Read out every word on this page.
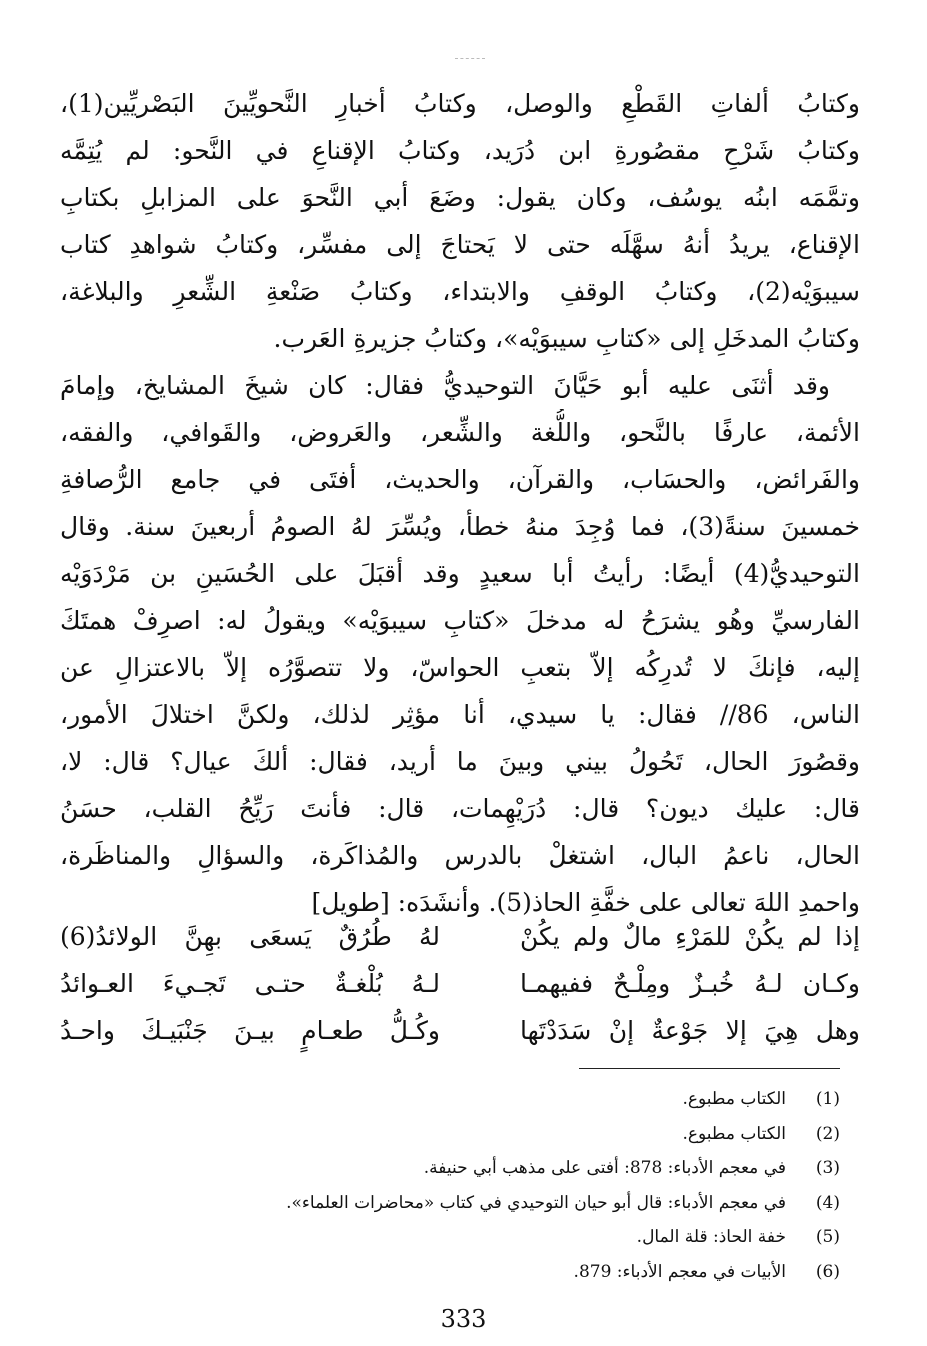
وكتابُ ألفاتِ القَطْعِ والوصل، وكتابُ أخبارِ النَّحويِّينَ البَصْريِّين(1)،
وكتابُ شَرْحِ مقصُورةِ ابن دُرَيد، وكتابُ الإقناعِ في النَّحو: لم يُتِمَّه
وتمَّمَه ابنُه يوسُف، وكان يقول: وضَعَ أبي النَّحوَ على المزابلِ بكتابِ
الإقناع، يريدُ أنهُ سهَّلَه حتى لا يَحتاجَ إلى مفسِّر، وكتابُ شواهدِ كتاب
سيبوَيْه(2)، وكتابُ الوقفِ والابتداء، وكتابُ صَنْعةِ الشِّعرِ والبلاغة،
وكتابُ المدخَلِ إلى «كتابِ سيبوَيْه»، وكتابُ جزيرةِ العَرب.
وقد أثنَى عليه أبو حَيَّانَ التوحيديُّ فقال: كان شيخَ المشايخ، وإمامَ
الأئمة، عارفًا بالنَّحو، واللُّغة والشِّعر، والعَروض، والقَوافي، والفقه،
والفَرائض، والحسَاب، والقرآن، والحديث، أفتَى في جامع الرُّصافةِ
خمسينَ سنةً(3)، فما وُجِدَ منهُ خطأ، ويُسِّرَ لهُ الصومُ أربعينَ سنة. وقال
التوحيديُّ(4) أيضًا: رأيتُ أبا سعيدٍ وقد أقبَلَ على الحُسَينِ بن مَرْدَوَيْه
الفارسيِّ وهُو يشرَحُ له مدخلَ «كتابِ سيبوَيْه» ويقولُ له: اصرِفْ همتَكَ
إليه، فإنكَ لا تُدرِكُه إلاّ بتعبِ الحواسّ، ولا تتصوَّرُه إلاّ بالاعتزالِ عن
الناس، 86// فقال: يا سيدي، أنا مؤثِر لذلك، ولكنَّ اختلالَ الأمور،
وقصُورَ الحال، تَحُولُ بيني وبينَ ما أريد، فقال: ألكَ عيال؟ قال: لا،
قال: عليك ديون؟ قال: دُرَيْهِمات، قال: فأنتَ رَيِّحُ القلب، حسَنُ
الحال، ناعمُ البال، اشتغلْ بالدرس والمُذاكَرة، والسؤالِ والمناظَرة،
واحمدِ اللهَ تعالى على خفَّةِ الحاذ(5). وأنشَدَه: [طويل]
إذا لم يكُنْ للمَرْءِ مالٌ ولم يكُنْ
لهُ طُرُقٌ يَسعَى بهِنَّ الولائدُ(6)
وكـان لـهُ خُبـزٌ ومِلْـحٌ ففيهمـا
لـهُ بُلْغـةٌ حتـى تَجـيءَ العـوائدُ
وهل هِيَ إلا جَوْعةٌ إنْ سَدَدْتَها
وكُـلُّ طعـامٍ بيـنَ جَنْبَيـكَ واحـدُ
(1)
الكتاب مطبوع.
(2)
الكتاب مطبوع.
(3)
في معجم الأدباء: 878: أفتى على مذهب أبي حنيفة.
(4)
في معجم الأدباء: قال أبو حيان التوحيدي في كتاب «محاضرات العلماء».
(5)
خفة الحاذ: قلة المال.
(6)
الأبيات في معجم الأدباء: 879.
333
